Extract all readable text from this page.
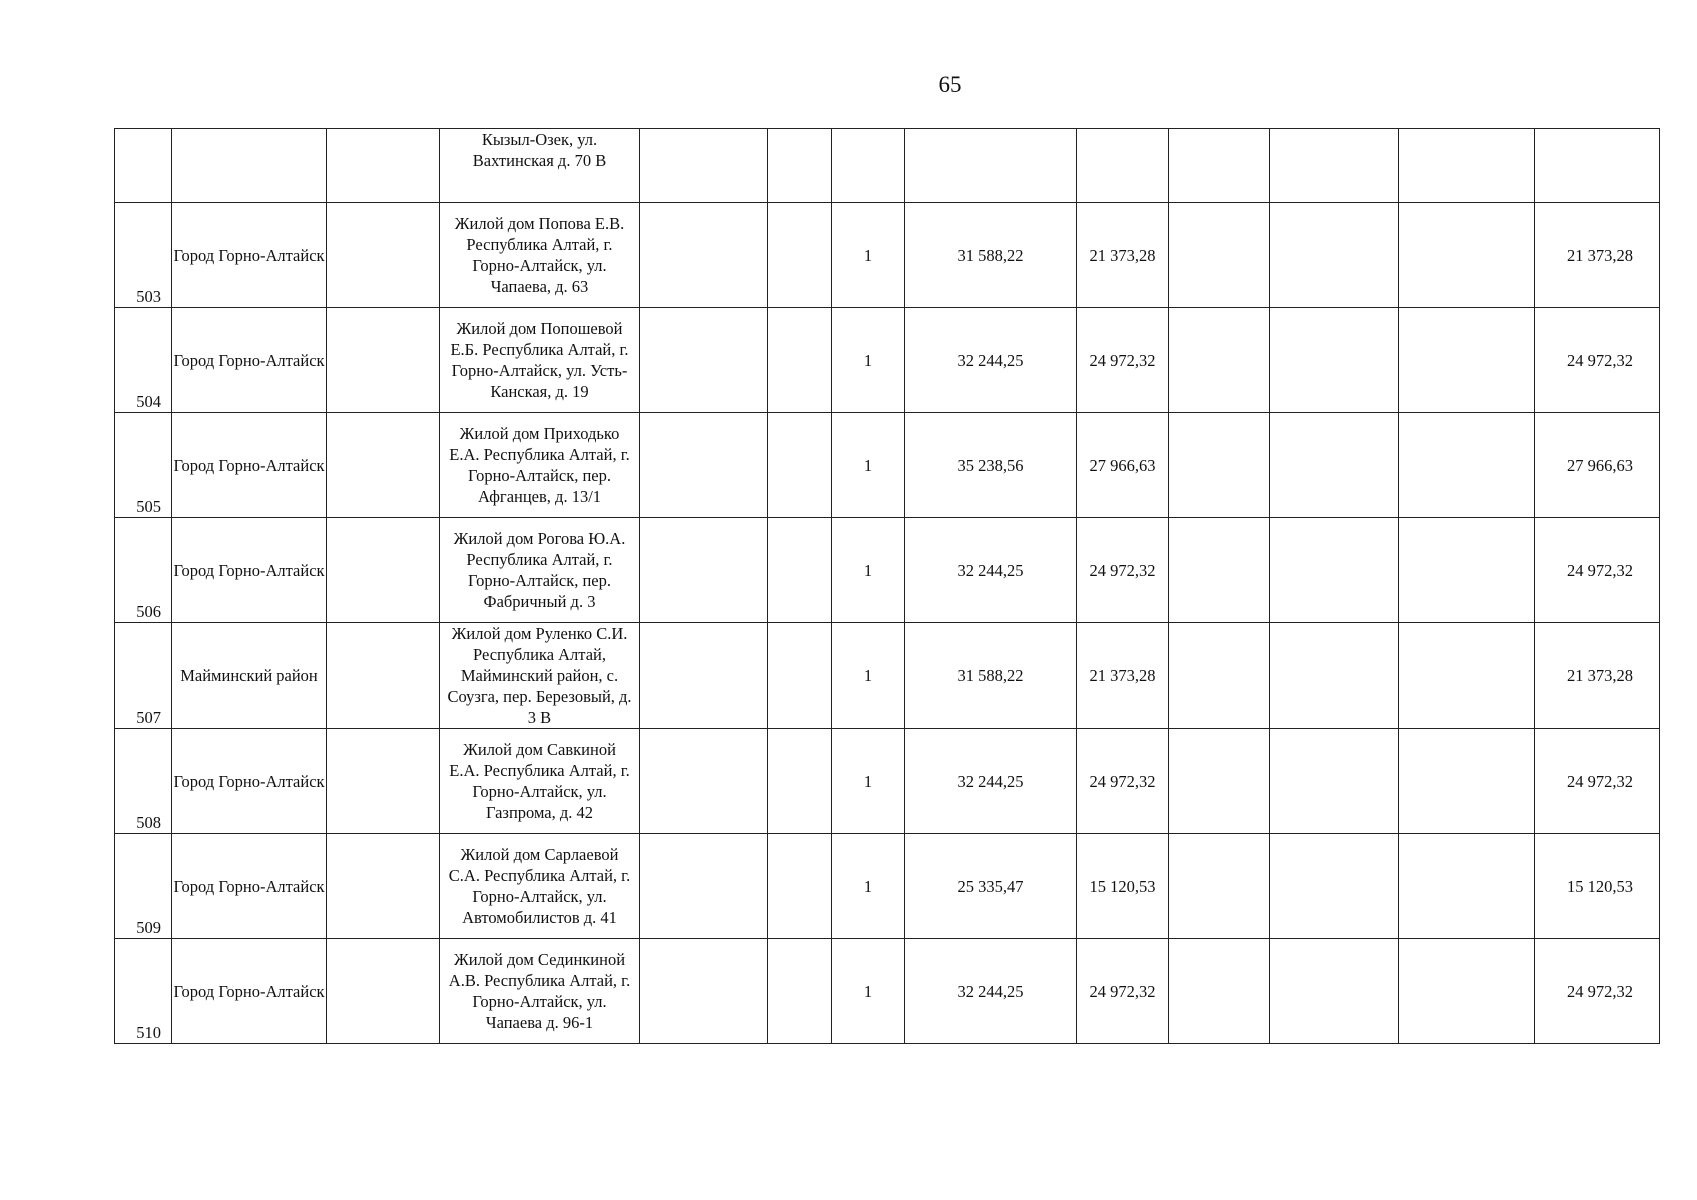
65

			Кызыл-Озек, ул. Вахтинская д. 70 В									

503	Город Горно-Алтайск		Жилой дом Попова Е.В. Республика Алтай, г. Горно-Алтайск, ул. Чапаева, д. 63			1	31 588,22	21 373,28				21 373,28

504	Город Горно-Алтайск		Жилой дом Попошевой Е.Б. Республика Алтай, г. Горно-Алтайск, ул. Усть-Канская, д. 19			1	32 244,25	24 972,32				24 972,32

505	Город Горно-Алтайск		Жилой дом Приходько Е.А. Республика Алтай, г. Горно-Алтайск, пер. Афганцев, д. 13/1			1	35 238,56	27 966,63				27 966,63

506	Город Горно-Алтайск		Жилой дом Рогова Ю.А. Республика Алтай, г. Горно-Алтайск, пер. Фабричный д. 3			1	32 244,25	24 972,32				24 972,32

507	Майминский район		Жилой дом Руленко С.И. Республика Алтай, Майминский район, с. Соузга, пер. Березовый, д. 3 В			1	31 588,22	21 373,28				21 373,28

508	Город Горно-Алтайск		Жилой дом Савкиной Е.А. Республика Алтай, г. Горно-Алтайск, ул. Газпрома, д. 42			1	32 244,25	24 972,32				24 972,32

509	Город Горно-Алтайск		Жилой дом Сарлаевой С.А. Республика Алтай, г. Горно-Алтайск, ул. Автомобилистов д. 41			1	25 335,47	15 120,53				15 120,53

510	Город Горно-Алтайск		Жилой дом Сединкиной А.В. Республика Алтай, г. Горно-Алтайск, ул. Чапаева д. 96-1			1	32 244,25	24 972,32				24 972,32
